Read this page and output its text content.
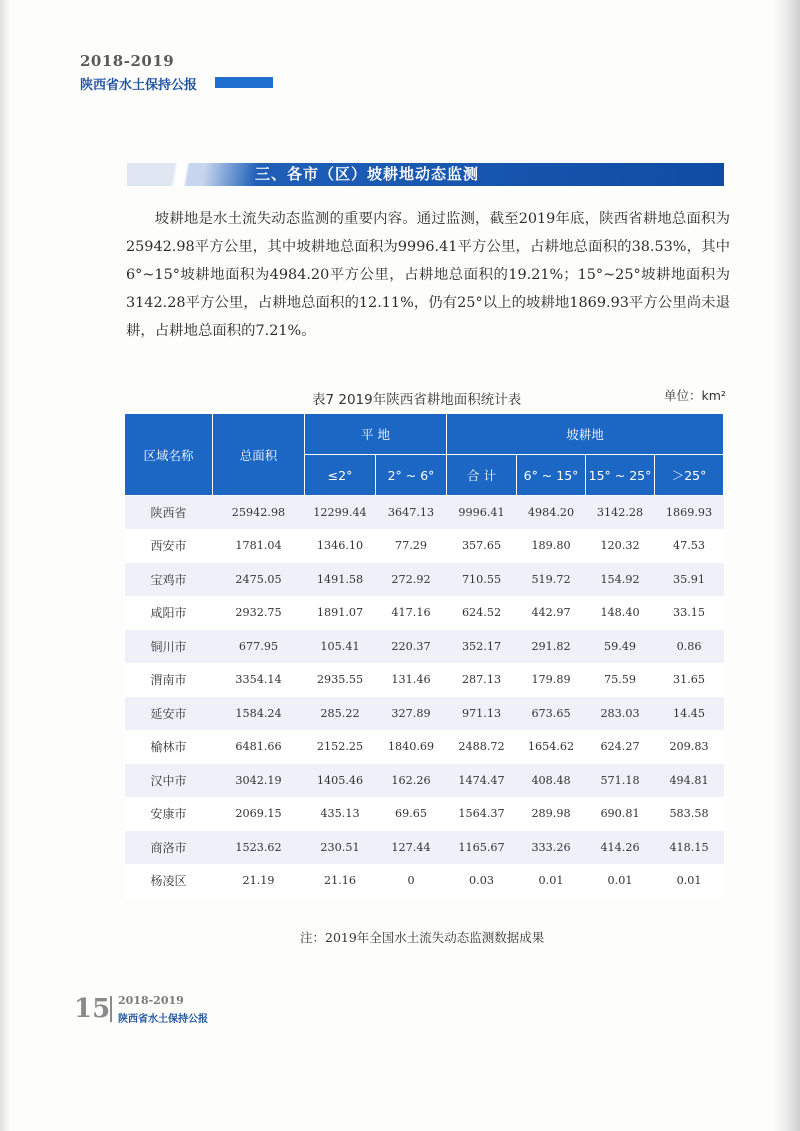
2018-2019
陕西省水土保持公报
三、各市（区）坡耕地动态监测

坡耕地是水土流失动态监测的重要内容。通过监测，截至2019年底，陕西省耕地总面积为25942.98平方公里，其中坡耕地总面积为9996.41平方公里，占耕地总面积的38.53%，其中6°~15°坡耕地面积为4984.20平方公里，占耕地总面积的19.21%；15°~25°坡耕地面积为3142.28平方公里，占耕地总面积的12.11%，仍有25°以上的坡耕地1869.93平方公里尚未退耕，占耕地总面积的7.21%。

表7 2019年陕西省耕地面积统计表	单位：km²
区域名称	总面积	平 地		坡耕地			
		≤2°	2° ~ 6°	合 计	6° ~ 15°	15° ~ 25°	＞25°
陕西省	25942.98	12299.44	3647.13	9996.41	4984.20	3142.28	1869.93
西安市	1781.04	1346.10	77.29	357.65	189.80	120.32	47.53
宝鸡市	2475.05	1491.58	272.92	710.55	519.72	154.92	35.91
咸阳市	2932.75	1891.07	417.16	624.52	442.97	148.40	33.15
铜川市	677.95	105.41	220.37	352.17	291.82	59.49	0.86
渭南市	3354.14	2935.55	131.46	287.13	179.89	75.59	31.65
延安市	1584.24	285.22	327.89	971.13	673.65	283.03	14.45
榆林市	6481.66	2152.25	1840.69	2488.72	1654.62	624.27	209.83
汉中市	3042.19	1405.46	162.26	1474.47	408.48	571.18	494.81
安康市	2069.15	435.13	69.65	1564.37	289.98	690.81	583.58
商洛市	1523.62	230.51	127.44	1165.67	333.26	414.26	418.15
杨凌区	21.19	21.16	0	0.03	0.01	0.01	0.01
注：2019年全国水土流失动态监测数据成果
15 2018-2019
陕西省水土保持公报
